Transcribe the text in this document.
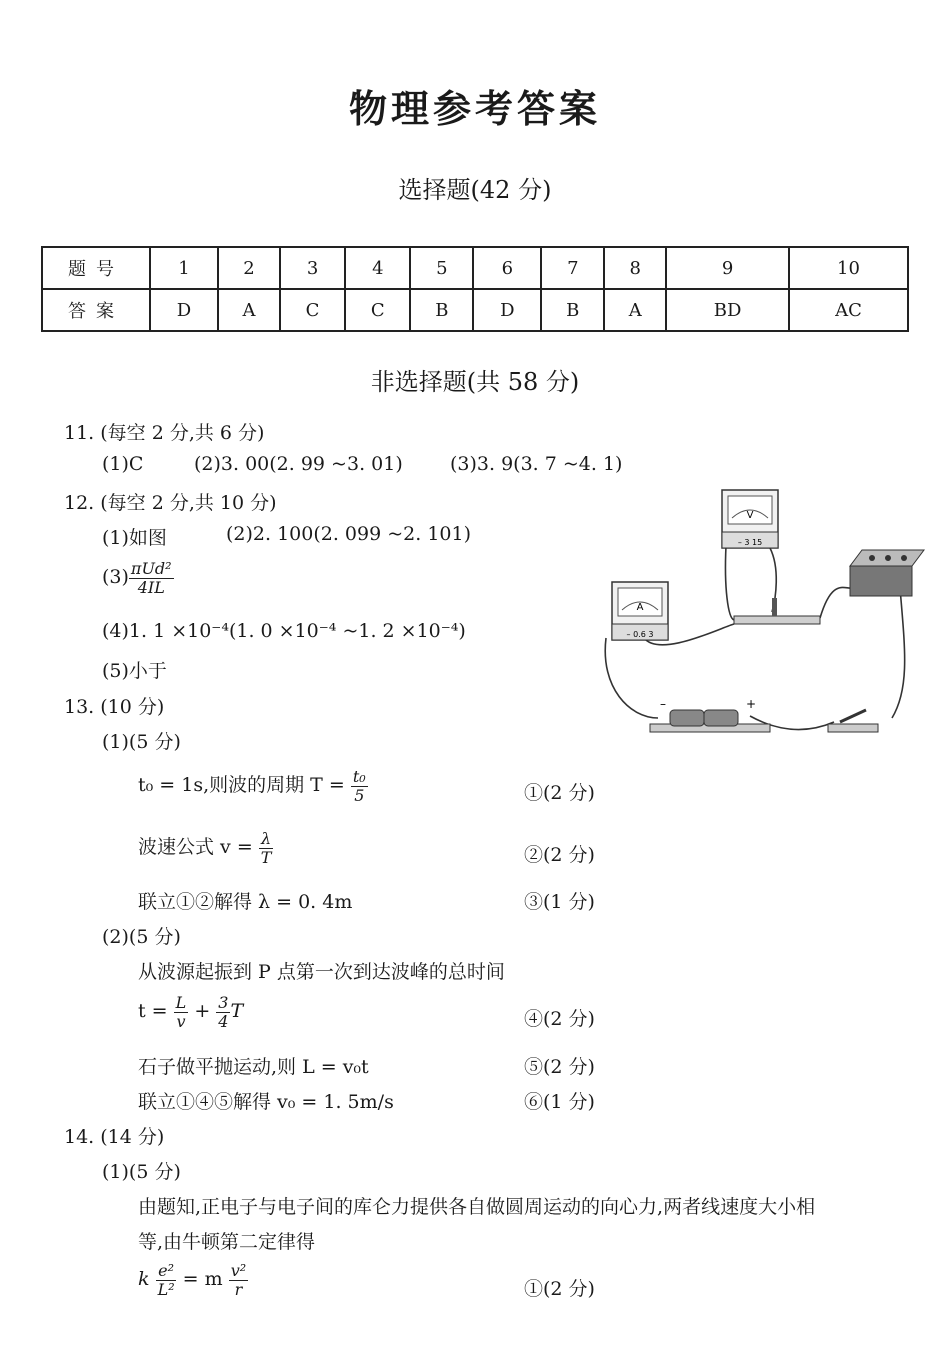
物理参考答案
选择题(42 分)
题号	1	2	3	4	5	6	7	8	9	10
答案	D	A	C	C	B	D	B	A	BD	AC
非选择题(共 58 分)
11. (每空 2 分,共 6 分)
(1)C	(2)3. 00(2. 99 ~3. 01) (3)3. 9(3. 7 ~4. 1)
12. (每空 2 分,共 10 分)
(1)如图	(2)2. 100(2. 099 ~2. 101)
$(3) \frac{\text{πUd²}}{4IL}$
(4)1. 1 ×10⁻⁴(1. 0 ×10⁻⁴ ~1. 2 ×10⁻⁴)
(5)小于
V
– 3 15
A
– 0.6 3
–	+
13. (10 分)
(1)(5 分)
t₀ = 1s,则波的周期 $T = \frac{\text{t₀}}{5}$	①(2 分)
波速公式 $v = \frac{\lambda}{T}$	②(2 分)
联立①②解得 λ = 0. 4m	③(1 分)
(2)(5 分)
从波源起振到 P 点第一次到达波峰的总时间
$t = \frac{L}{v} + \frac{3}{4}$ T	④(2 分)
石子做平抛运动,则 L = v₀t	⑤(2 分)
联立①④⑤解得 v₀ = 1. 5m/s	⑥(1 分)
14. (14 分)
(1)(5 分)
由题知,正电子与电子间的库仑力提供各自做圆周运动的向心力,两者线速度大小相
等,由牛顿第二定律得
k $\frac{\text{e²}}{\text{L²}} = m \frac{\text{v²}}{r}$	①(2 分)
